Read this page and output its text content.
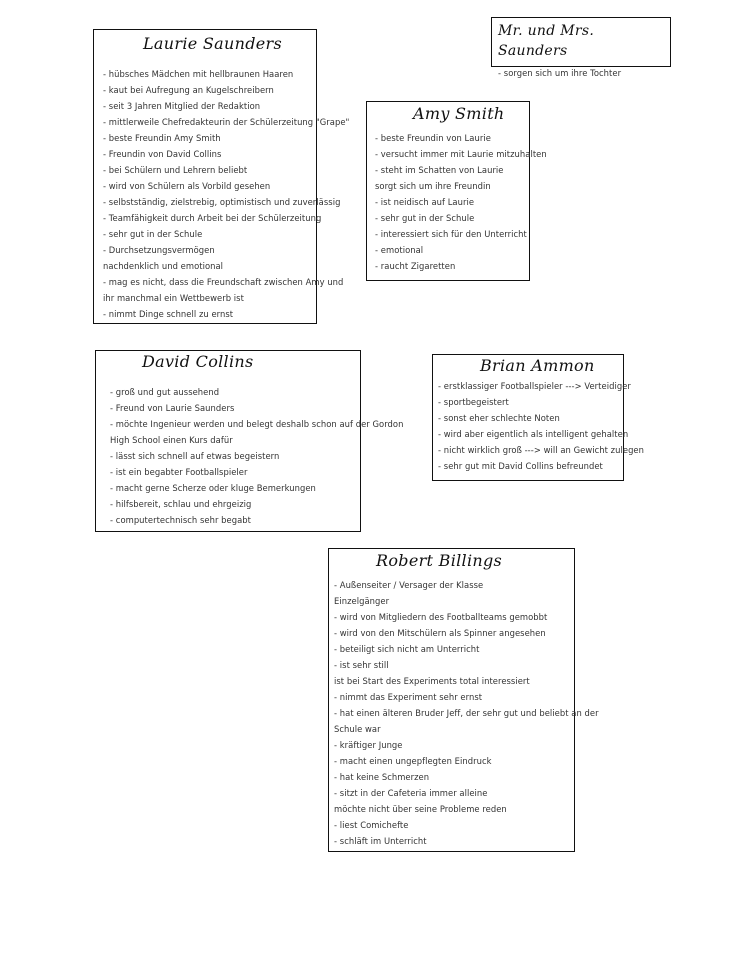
Laurie Saunders
- hübsches Mädchen mit hellbraunen Haaren
- kaut bei Aufregung an Kugelschreibern
- seit 3 Jahren Mitglied der Redaktion
- mittlerweile Chefredakteurin der Schülerzeitung "Grape"
- beste Freundin Amy Smith
- Freundin von David Collins
- bei Schülern und Lehrern beliebt
- wird von Schülern als Vorbild gesehen
- selbstständig, zielstrebig, optimistisch und zuverlässig
- Teamfähigkeit durch Arbeit bei der Schülerzeitung
- sehr gut in der Schule
- Durchsetzungsvermögen
nachdenklich und emotional
- mag es nicht, dass die Freundschaft zwischen Amy und
ihr manchmal ein Wettbewerb ist
- nimmt Dinge schnell zu ernst
Mr. und Mrs. Saunders
- sorgen sich um ihre Tochter
Amy Smith
- beste Freundin von Laurie
- versucht immer mit Laurie mitzuhalten
- steht im Schatten von Laurie
sorgt sich um ihre Freundin
- ist neidisch auf Laurie
- sehr gut in der Schule
- interessiert sich für den Unterricht
- emotional
- raucht Zigaretten
David Collins
- groß und gut aussehend
- Freund von Laurie Saunders
- möchte Ingenieur werden und belegt deshalb schon auf der Gordon
High School einen Kurs dafür
- lässt sich schnell auf etwas begeistern
- ist ein begabter Footballspieler
- macht gerne Scherze oder kluge Bemerkungen
- hilfsbereit, schlau und ehrgeizig
- computertechnisch sehr begabt
Brian Ammon
- erstklassiger Footballspieler ---> Verteidiger
- sportbegeistert
- sonst eher schlechte Noten
- wird aber eigentlich als intelligent gehalten
- nicht wirklich groß ---> will an Gewicht zulegen
- sehr gut mit David Collins befreundet
Robert Billings
- Außenseiter / Versager der Klasse
Einzelgänger
- wird von Mitgliedern des Footballteams gemobbt
- wird von den Mitschülern als Spinner angesehen
- beteiligt sich nicht am Unterricht
- ist sehr still
ist bei Start des Experiments total interessiert
- nimmt das Experiment sehr ernst
- hat einen älteren Bruder Jeff, der sehr gut und beliebt an der
Schule war
- kräftiger Junge
- macht einen ungepflegten Eindruck
- hat keine Schmerzen
- sitzt in der Cafeteria immer alleine
möchte nicht über seine Probleme reden
- liest Comichefte
- schläft im Unterricht
